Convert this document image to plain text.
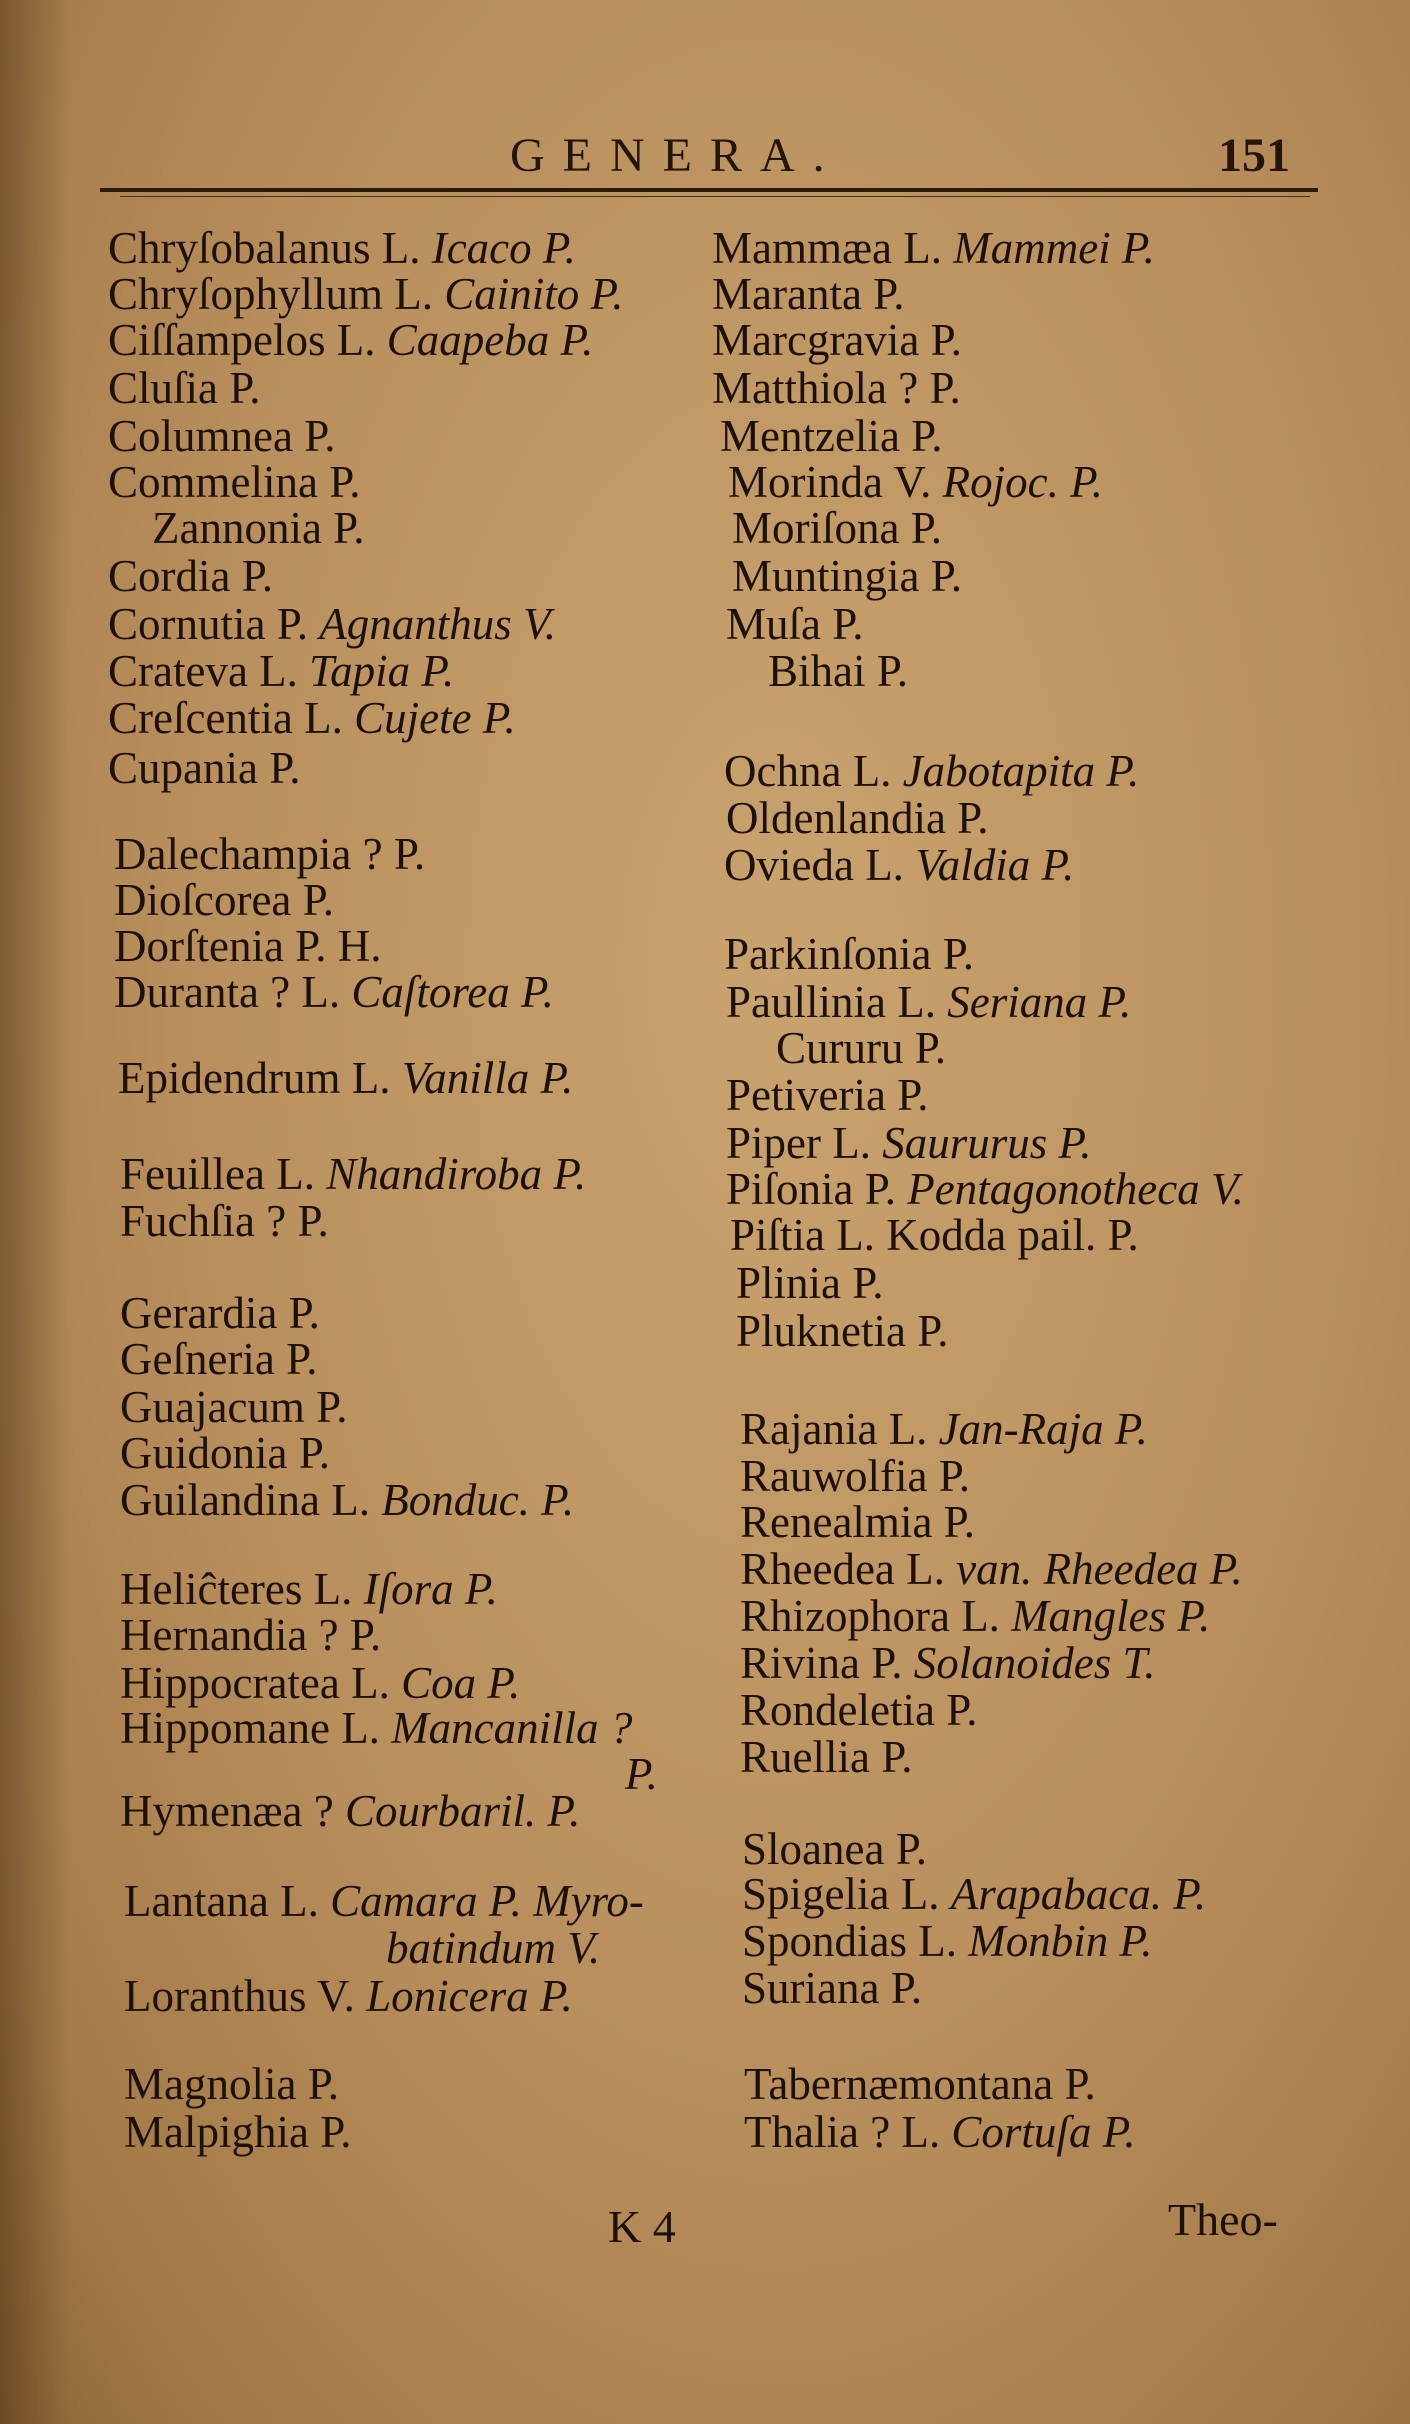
GENERA.	151
Chryſobalanus L. Icaco P.
Chryſophyllum L. Cainito P.
Ciſſampelos L. Caapeba P.
Cluſia P.
Columnea P.
Commelina P.
Zannonia P.
Cordia P.
Cornutia P. Agnanthus V.
Crateva L. Tapia P.
Creſcentia L. Cujete P.
Cupania P.
Dalechampia ? P.
Dioſcorea P.
Dorſtenia P. H.
Duranta ? L. Caſtorea P.
Epidendrum L. Vanilla P.
Feuillea L. Nhandiroba P.
Fuchſia ? P.
Gerardia P.
Geſneria P.
Guajacum P.
Guidonia P.
Guilandina L. Bonduc. P.
Heliĉteres L. Iſora P.
Hernandia ? P.
Hippocratea L. Coa P.
Hippomane L. Mancanilla ?
P.
Hymenæa ? Courbaril. P.
Lantana L. Camara P. Myro-
batindum V.
Loranthus V. Lonicera P.
Magnolia P.
Malpighia P.
Mammæa L. Mammei P.
Maranta P.
Marcgravia P.
Matthiola ? P.
Mentzelia P.
Morinda V. Rojoc. P.
Moriſona P.
Muntingia P.
Muſa P.
Bihai P.
Ochna L. Jabotapita P.
Oldenlandia P.
Ovieda L. Valdia P.
Parkinſonia P.
Paullinia L. Seriana P.
Cururu P.
Petiveria P.
Piper L. Saururus P.
Piſonia P. Pentagonotheca V.
Piſtia L. Kodda pail. P.
Plinia P.
Pluknetia P.
Rajania L. Jan-Raja P.
Rauwolfia P.
Renealmia P.
Rheedea L. van. Rheedea P.
Rhizophora L. Mangles P.
Rivina P. Solanoides T.
Rondeletia P.
Ruellia P.
Sloanea P.
Spigelia L. Arapabaca. P.
Spondias L. Monbin P.
Suriana P.
Tabernæmontana P.
Thalia ? L. Cortuſa P.
K 4	Theo-
